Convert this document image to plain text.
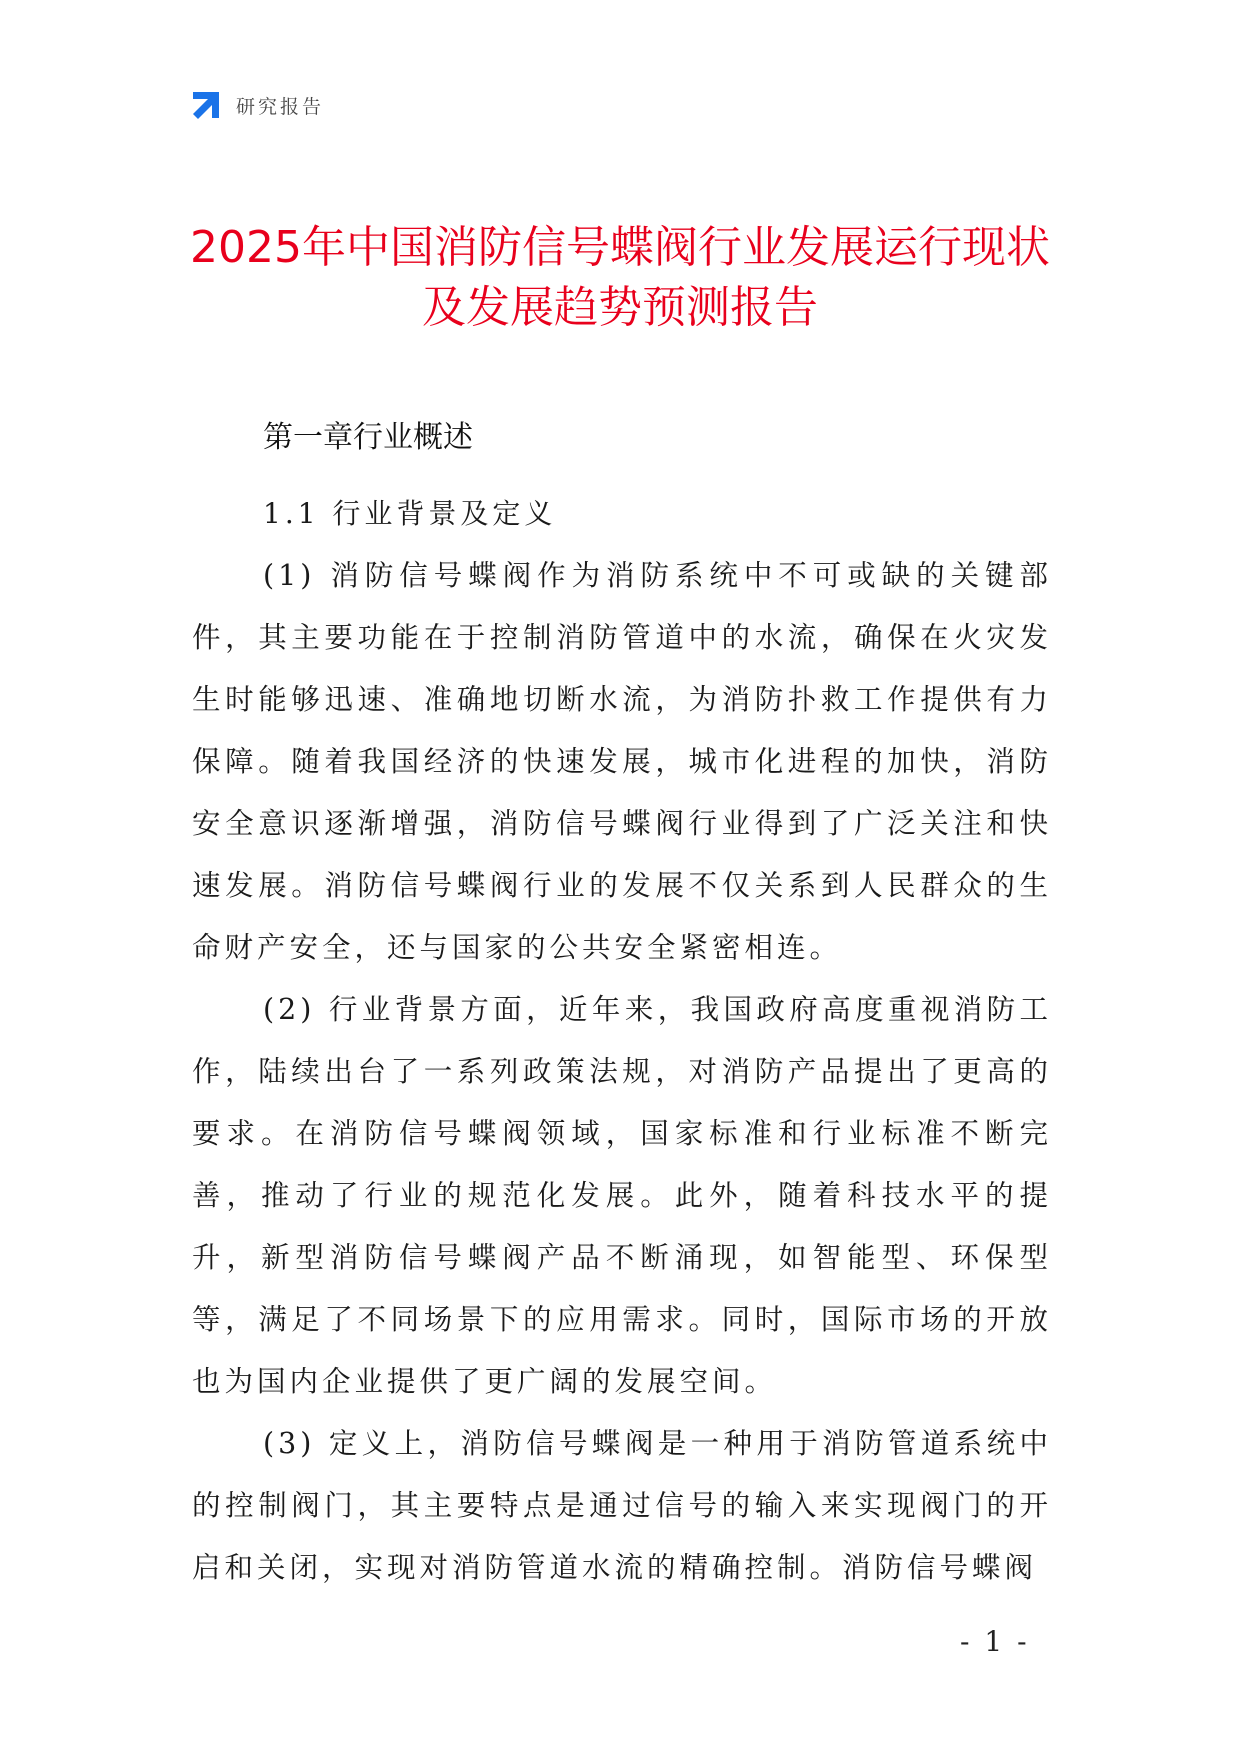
研究报告
2025年中国消防信号蝶阀行业发展运行现状及发展趋势预测报告
第一章行业概述

1.1 行业背景及定义

(1) 消防信号蝶阀作为消防系统中不可或缺的关键部件，其主要功能在于控制消防管道中的水流，确保在火灾发生时能够迅速、准确地切断水流，为消防扑救工作提供有力保障。随着我国经济的快速发展，城市化进程的加快，消防安全意识逐渐增强，消防信号蝶阀行业得到了广泛关注和快速发展。消防信号蝶阀行业的发展不仅关系到人民群众的生命财产安全，还与国家的公共安全紧密相连。

(2) 行业背景方面，近年来，我国政府高度重视消防工作，陆续出台了一系列政策法规，对消防产品提出了更高的要求。在消防信号蝶阀领域，国家标准和行业标准不断完善，推动了行业的规范化发展。此外，随着科技水平的提升，新型消防信号蝶阀产品不断涌现，如智能型、环保型等，满足了不同场景下的应用需求。同时，国际市场的开放也为国内企业提供了更广阔的发展空间。

(3) 定义上，消防信号蝶阀是一种用于消防管道系统中的控制阀门，其主要特点是通过信号的输入来实现阀门的开启和关闭，实现对消防管道水流的精确控制。消防信号蝶阀

- 1 -
